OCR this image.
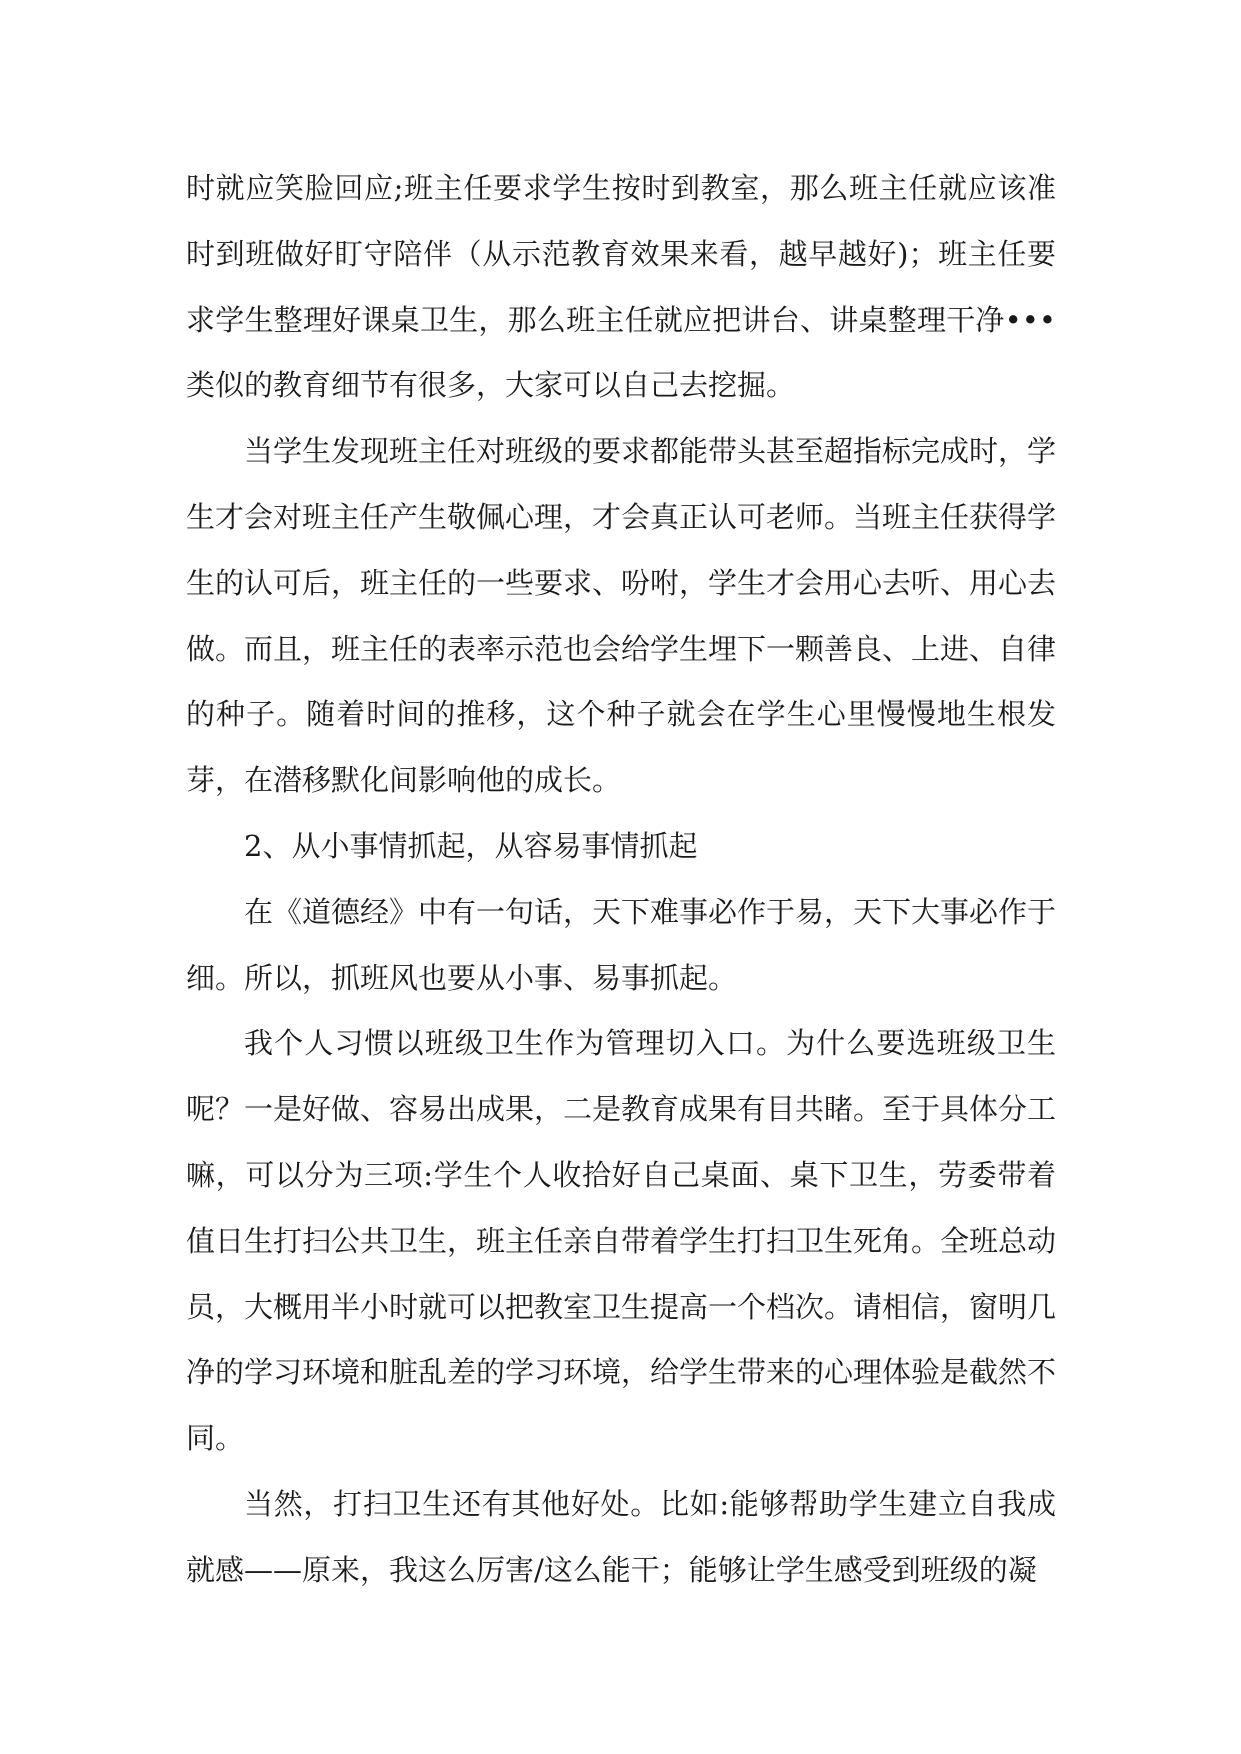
时就应笑脸回应;班主任要求学生按时到教室，那么班主任就应该准时到班做好盯守陪伴（从示范教育效果来看，越早越好)；班主任要求学生整理好课桌卫生，那么班主任就应把讲台、讲桌整理干净•••类似的教育细节有很多，大家可以自己去挖掘。

当学生发现班主任对班级的要求都能带头甚至超指标完成时，学生才会对班主任产生敬佩心理，才会真正认可老师。当班主任获得学生的认可后，班主任的一些要求、吩咐，学生才会用心去听、用心去做。而且，班主任的表率示范也会给学生埋下一颗善良、上进、自律的种子。随着时间的推移，这个种子就会在学生心里慢慢地生根发芽，在潜移默化间影响他的成长。

2、从小事情抓起，从容易事情抓起

在《道德经》中有一句话，天下难事必作于易，天下大事必作于细。所以，抓班风也要从小事、易事抓起。

我个人习惯以班级卫生作为管理切入口。为什么要选班级卫生呢？一是好做、容易出成果，二是教育成果有目共睹。至于具体分工嘛，可以分为三项:学生个人收拾好自己桌面、桌下卫生，劳委带着值日生打扫公共卫生，班主任亲自带着学生打扫卫生死角。全班总动员，大概用半小时就可以把教室卫生提高一个档次。请相信，窗明几净的学习环境和脏乱差的学习环境，给学生带来的心理体验是截然不同。

当然，打扫卫生还有其他好处。比如:能够帮助学生建立自我成就感——原来，我这么厉害/这么能干；能够让学生感受到班级的凝
